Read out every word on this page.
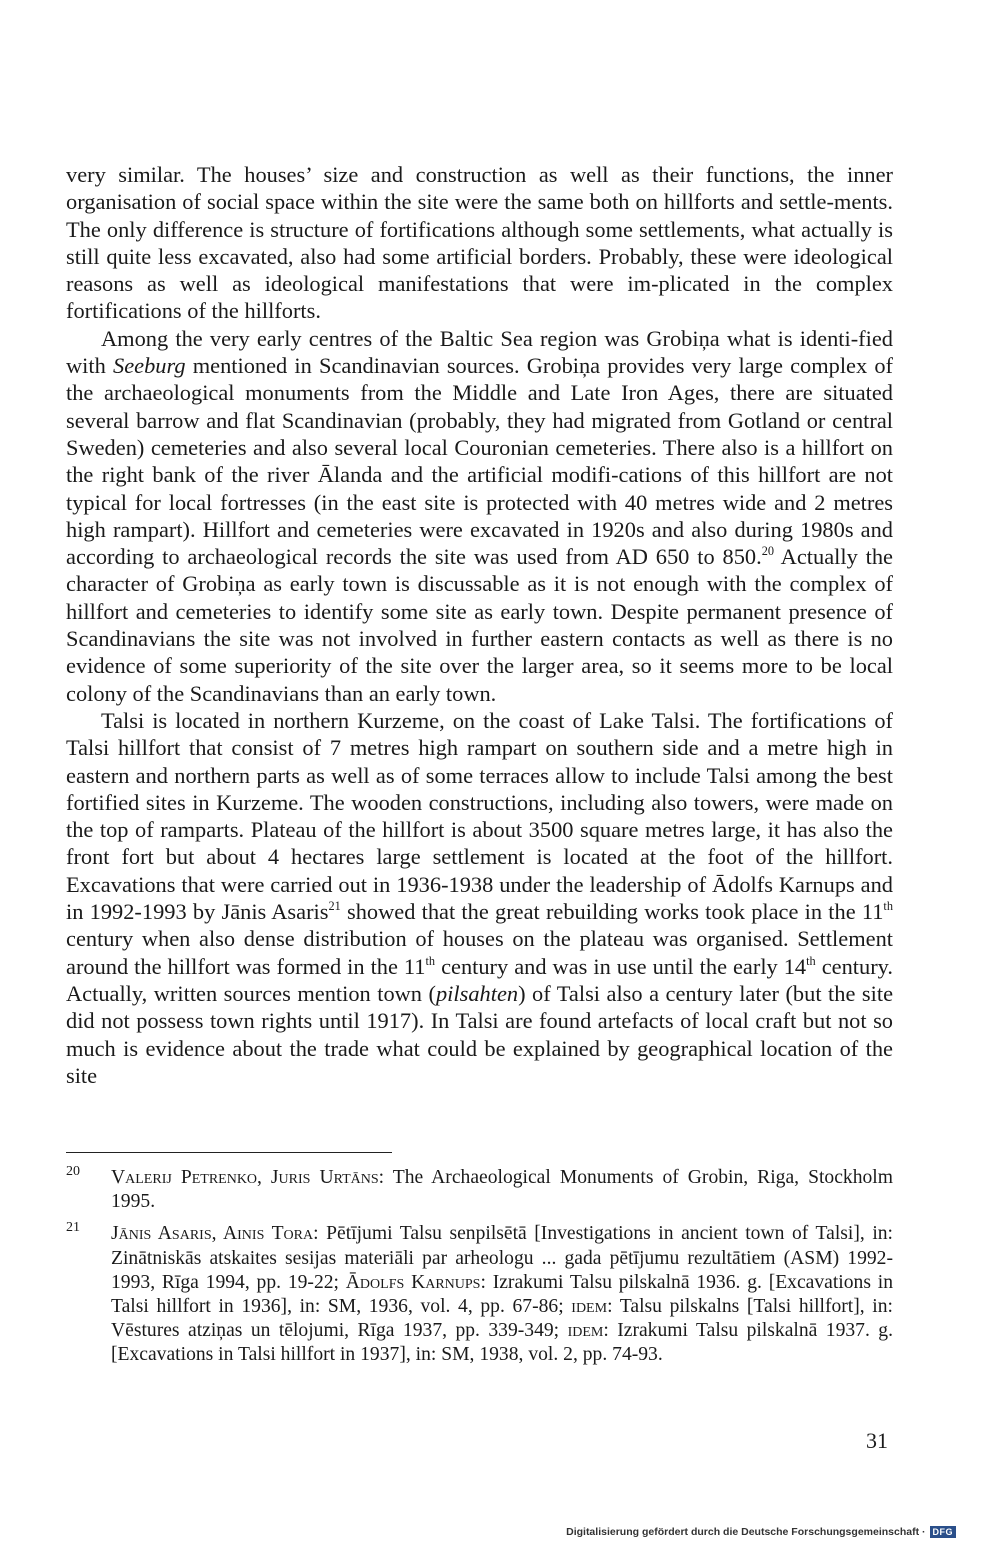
very similar. The houses’ size and construction as well as their functions, the inner organisation of social space within the site were the same both on hillforts and settle-ments. The only difference is structure of fortifications although some settlements, what actually is still quite less excavated, also had some artificial borders. Probably, these were ideological reasons as well as ideological manifestations that were im-plicated in the complex fortifications of the hillforts.

Among the very early centres of the Baltic Sea region was Grobiņa what is identi-fied with Seeburg mentioned in Scandinavian sources. Grobiņa provides very large complex of the archaeological monuments from the Middle and Late Iron Ages, there are situated several barrow and flat Scandinavian (probably, they had migrated from Gotland or central Sweden) cemeteries and also several local Couronian cemeteries. There also is a hillfort on the right bank of the river Ālanda and the artificial modifi-cations of this hillfort are not typical for local fortresses (in the east site is protected with 40 metres wide and 2 metres high rampart). Hillfort and cemeteries were excavated in 1920s and also during 1980s and according to archaeological records the site was used from AD 650 to 850.20 Actually the character of Grobiņa as early town is discussable as it is not enough with the complex of hillfort and cemeteries to identify some site as early town. Despite permanent presence of Scandinavians the site was not involved in further eastern contacts as well as there is no evidence of some superiority of the site over the larger area, so it seems more to be local colony of the Scandinavians than an early town.

Talsi is located in northern Kurzeme, on the coast of Lake Talsi. The fortifications of Talsi hillfort that consist of 7 metres high rampart on southern side and a metre high in eastern and northern parts as well as of some terraces allow to include Talsi among the best fortified sites in Kurzeme. The wooden constructions, including also towers, were made on the top of ramparts. Plateau of the hillfort is about 3500 square metres large, it has also the front fort but about 4 hectares large settlement is located at the foot of the hillfort. Excavations that were carried out in 1936-1938 under the leadership of Ādolfs Karnups and in 1992-1993 by Jānis Asaris$^{21}$ showed that the great rebuilding works took place in the 11th century when also dense distribution of houses on the plateau was organised. Settlement around the hillfort was formed in the 11th century and was in use until the early 14th century. Actually, written sources mention town (pilsahten) of Talsi also a century later (but the site did not possess town rights until 1917). In Talsi are found artefacts of local craft but not so much is evidence about the trade what could be explained by geographical location of the site

20 Valerij Petrenko, Juris Urtāns: The Archaeological Monuments of Grobin, Riga, Stockholm 1995.
21 Jānis Asaris, Ainis Tora: Pētījumi Talsu senpilsētā [Investigations in ancient town of Talsi], in: Zinātniskās atskaites sesijas materiāli par arheologu ... gada pētījumu rezultātiem (ASM) 1992-1993, Rīga 1994, pp. 19-22; Ādolfs Karnups: Izrakumi Talsu pilskalnā 1936. g. [Excavations in Talsi hillfort in 1936], in: SM, 1936, vol. 4, pp. 67-86; idem: Talsu pilskalns [Talsi hillfort], in: Vēstures atziņas un tēlojumi, Rīga 1937, pp. 339-349; idem: Izrakumi Talsu pilskalnā 1937. g. [Excavations in Talsi hillfort in 1937], in: SM, 1938, vol. 2, pp. 74-93.
31
Digitalisierung gefördert durch die Deutsche Forschungsgemeinschaft · DFG
